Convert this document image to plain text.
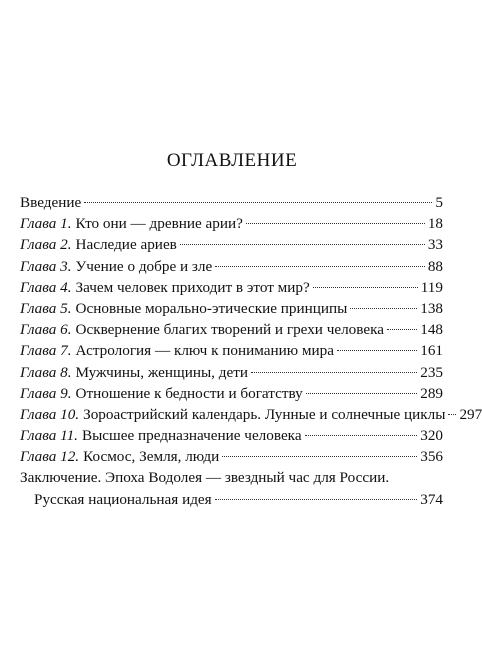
ОГЛАВЛЕНИЕ
Введение	5
Глава 1. Кто они — древние арии?	18
Глава 2. Наследие ариев	33
Глава 3. Учение о добре и зле	88
Глава 4. Зачем человек приходит в этот мир?	119
Глава 5. Основные морально-этические принципы	138
Глава 6. Осквернение благих творений и грехи человека 148
Глава 7. Астрология — ключ к пониманию мира	161
Глава 8. Мужчины, женщины, дети	235
Глава 9. Отношение к бедности и богатству	289
Глава 10. Зороастрийский календарь. Лунные и солнечные циклы 297
Глава 11. Высшее предназначение человека	320
Глава 12. Космос, Земля, люди	356
Заключение. Эпоха Водолея — звездный час для России.
Русская национальная идея	374
